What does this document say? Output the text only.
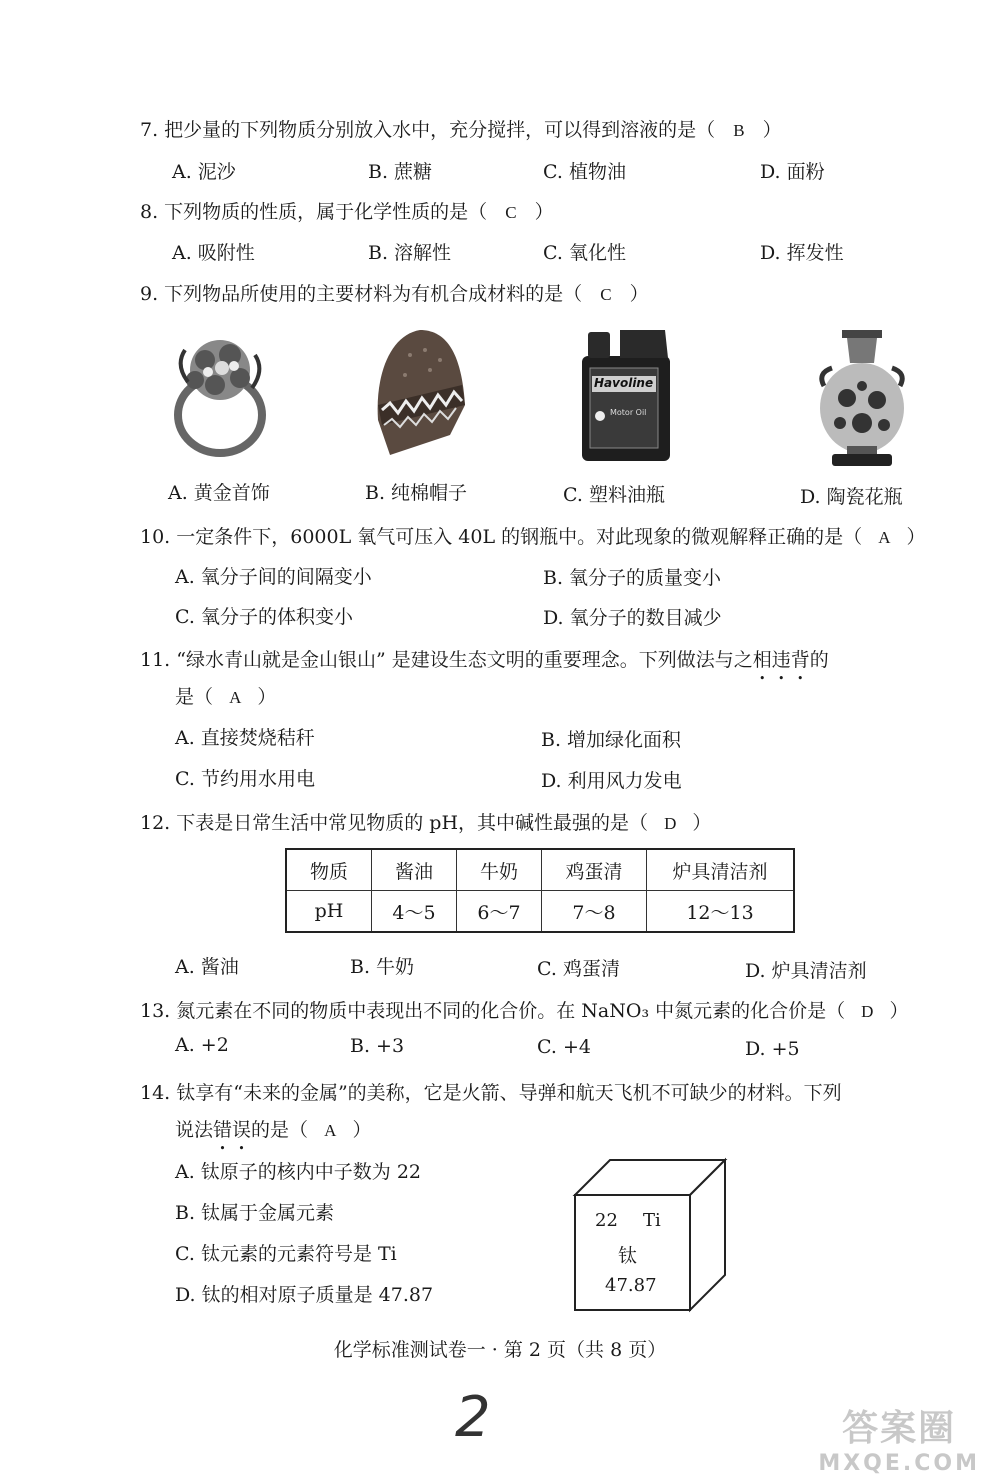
7. 把少量的下列物质分别放入水中，充分搅拌，可以得到溶液的是（ B ）
A. 泥沙	B. 蔗糖	C. 植物油	D. 面粉
8. 下列物质的性质，属于化学性质的是（ C ）
A. 吸附性	B. 溶解性	C. 氧化性	D. 挥发性
9. 下列物品所使用的主要材料为有机合成材料的是（ C ）
Havoline
Motor Oil
A. 黄金首饰	B. 纯棉帽子	C. 塑料油瓶	D. 陶瓷花瓶
10. 一定条件下，6000L 氧气可压入 40L 的钢瓶中。对此现象的微观解释正确的是（ A ）
A. 氧分子间的间隔变小	B. 氧分子的质量变小
C. 氧分子的体积变小	D. 氧分子的数目减少
11. “绿水青山就是金山银山” 是建设生态文明的重要理念。下列做法与之相违背的
是（ A ）
A. 直接焚烧秸秆	B. 增加绿化面积
C. 节约用水用电	D. 利用风力发电
12. 下表是日常生活中常见物质的 pH，其中碱性最强的是（ D ）
物质	酱油	牛奶	鸡蛋清	炉具清洁剂
pH	4～5	6～7	7～8	12～13
A. 酱油	B. 牛奶	C. 鸡蛋清	D. 炉具清洁剂
13. 氮元素在不同的物质中表现出不同的化合价。在 NaNO₃ 中氮元素的化合价是（ D ）
A. +2	B. +3	C. +4	D. +5
14. 钛享有“未来的金属”的美称，它是火箭、导弹和航天飞机不可缺少的材料。下列
说法错误的是（ A ）
A. 钛原子的核内中子数为 22
B. 钛属于金属元素
C. 钛元素的元素符号是 Ti
D. 钛的相对原子质量是 47.87
22 Ti
钛
47.87
化学标准测试卷一 · 第 2 页（共 8 页）
2	答案圈
MXQE.COM
